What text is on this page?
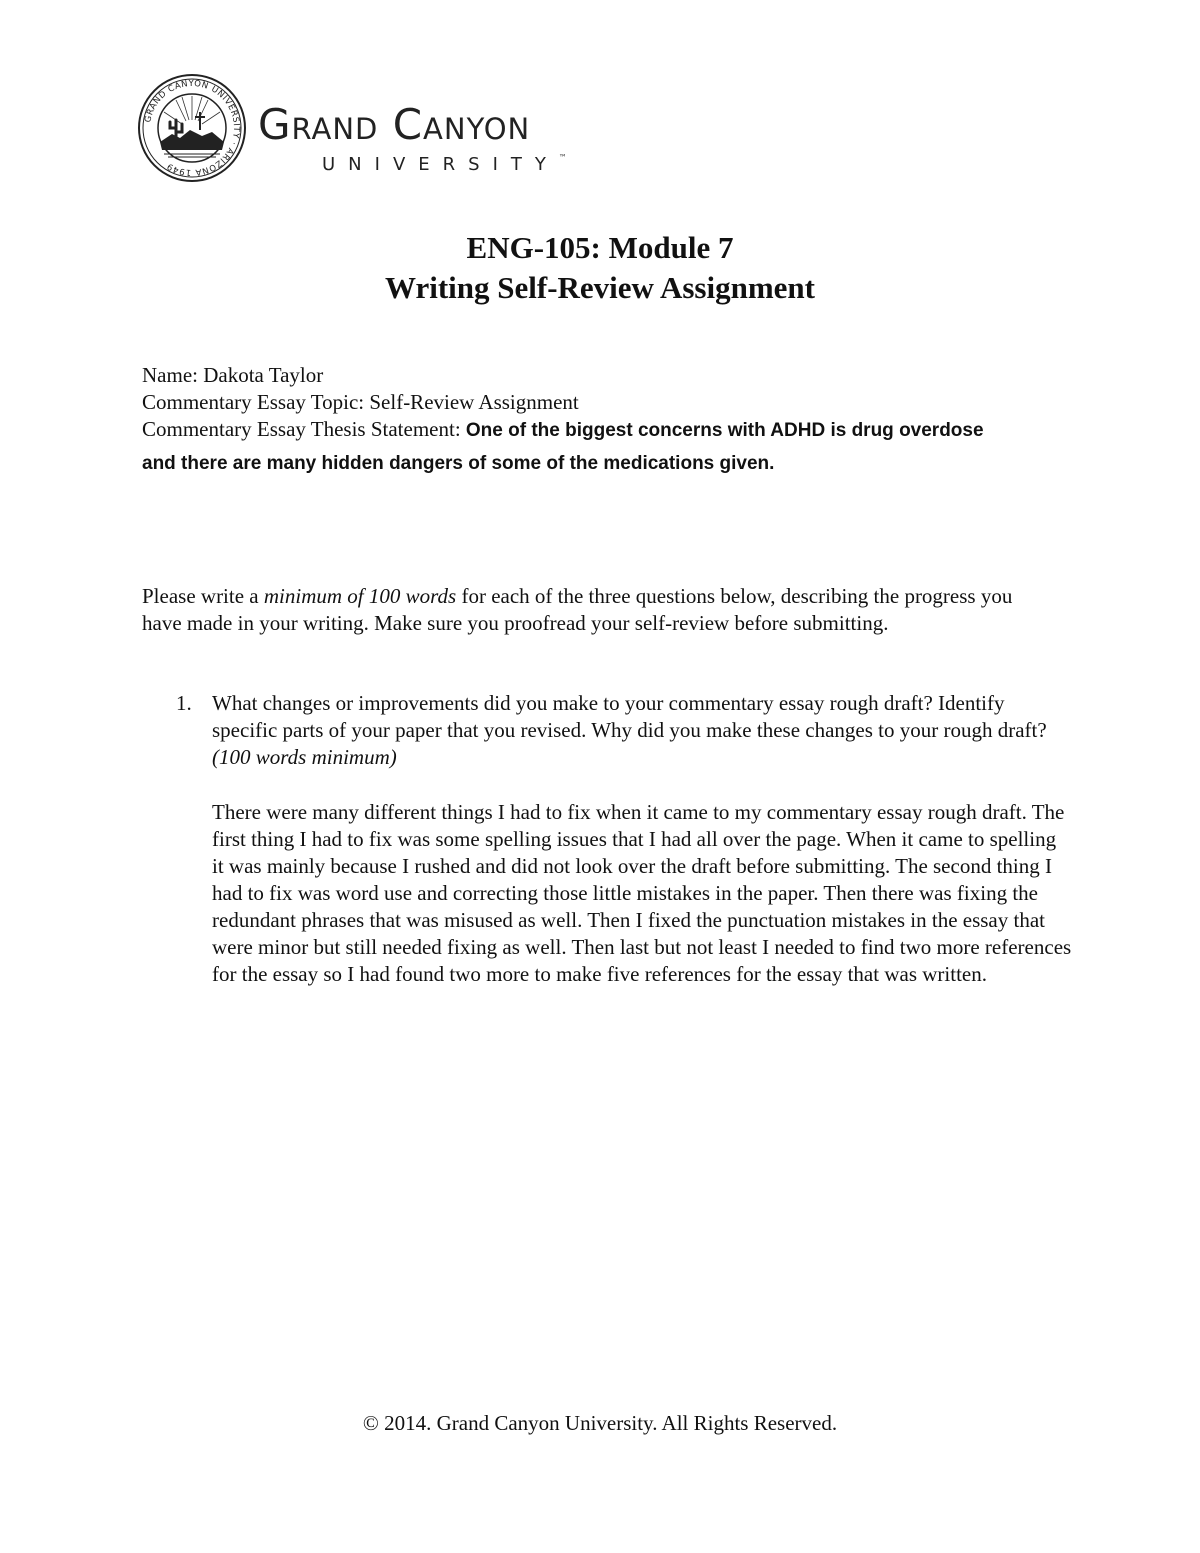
GRAND CANYON UNIVERSITY · ARIZONA 1949
Grand Canyon
UNIVERSITY™
ENG-105: Module 7
Writing Self-Review Assignment
Name: Dakota Taylor
Commentary Essay Topic: Self-Review Assignment
Commentary Essay Thesis Statement: One of the biggest concerns with ADHD is drug overdose
and there are many hidden dangers of some of the medications given.
Please write a minimum of 100 words for each of the three questions below, describing the progress you have made in your writing. Make sure you proofread your self-review before submitting.
1. What changes or improvements did you make to your commentary essay rough draft? Identify specific parts of your paper that you revised. Why did you make these changes to your rough draft? (100 words minimum)
There were many different things I had to fix when it came to my commentary essay rough draft. The first thing I had to fix was some spelling issues that I had all over the page. When it came to spelling it was mainly because I rushed and did not look over the draft before submitting. The second thing I had to fix was word use and correcting those little mistakes in the paper. Then there was fixing the redundant phrases that was misused as well. Then I fixed the punctuation mistakes in the essay that were minor but still needed fixing as well. Then last but not least I needed to find two more references for the essay so I had found two more to make five references for the essay that was written.
© 2014. Grand Canyon University. All Rights Reserved.
